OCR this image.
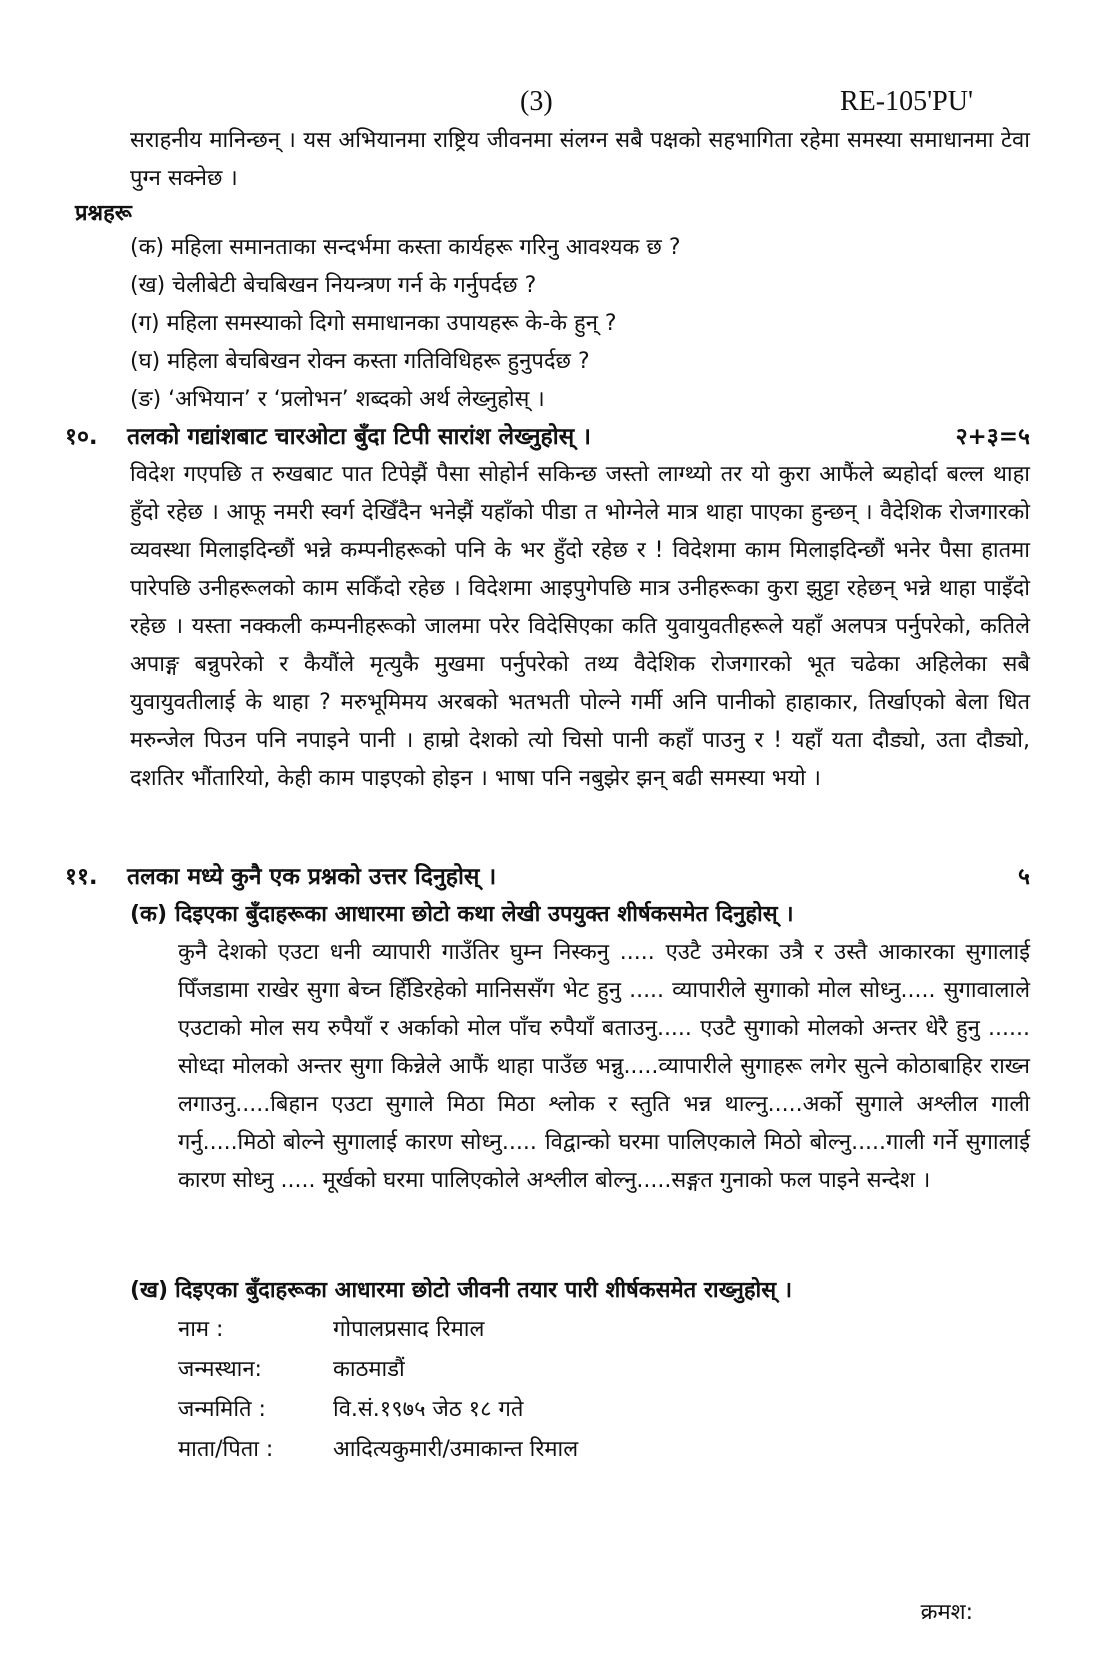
(3)	RE-105'PU'
सराहनीय मानिन्छन् । यस अभियानमा राष्ट्रिय जीवनमा संलग्न सबै पक्षको सहभागिता रहेमा समस्या समाधानमा टेवा पुग्न सक्नेछ ।
प्रश्नहरू
(क) महिला समानताका सन्दर्भमा कस्ता कार्यहरू गरिनु आवश्यक छ ?
(ख) चेलीबेटी बेचबिखन नियन्त्रण गर्न के गर्नुपर्दछ ?
(ग) महिला समस्याको दिगो समाधानका उपायहरू के-के हुन् ?
(घ) महिला बेचबिखन रोक्न कस्ता गतिविधिहरू हुनुपर्दछ ?
(ङ) ‘अभियान’ र ‘प्रलोभन’ शब्दको अर्थ लेख्नुहोस् ।
१०. तलको गद्यांशबाट चारओटा बुँदा टिपी सारांश लेख्नुहोस् ।	२+३=५
विदेश गएपछि त रुखबाट पात टिपेझैं पैसा सोहोर्न सकिन्छ जस्तो लाग्थ्यो तर यो कुरा आफैंले ब्यहोर्दा बल्ल थाहा हुँदो रहेछ । आफू नमरी स्वर्ग देखिँदैन भनेझैं यहाँको पीडा त भोग्नेले मात्र थाहा पाएका हुन्छन् । वैदेशिक रोजगारको व्यवस्था मिलाइदिन्छौं भन्ने कम्पनीहरूको पनि के भर हुँदो रहेछ र ! विदेशमा काम मिलाइदिन्छौं भनेर पैसा हातमा पारेपछि उनीहरूलको काम सकिँदो रहेछ । विदेशमा आइपुगेपछि मात्र उनीहरूका कुरा झुट्टा रहेछन् भन्ने थाहा पाइँदो रहेछ । यस्ता नक्कली कम्पनीहरूको जालमा परेर विदेसिएका कति युवायुवतीहरूले यहाँ अलपत्र पर्नुपरेको, कतिले अपाङ्ग बन्नुपरेको र कैयौंले मृत्युकै मुखमा पर्नुपरेको तथ्य वैदेशिक रोजगारको भूत चढेका अहिलेका सबै युवायुवतीलाई के थाहा ? मरुभूमिमय अरबको भतभती पोल्ने गर्मी अनि पानीको हाहाकार, तिर्खाएको बेला धित मरुन्जेल पिउन पनि नपाइने पानी । हाम्रो देशको त्यो चिसो पानी कहाँ पाउनु र ! यहाँ यता दौड्यो, उता दौड्यो, दशतिर भौंतारियो, केही काम पाइएको होइन । भाषा पनि नबुझेर झन् बढी समस्या भयो ।
११. तलका मध्ये कुनै एक प्रश्नको उत्तर दिनुहोस् ।	५
(क) दिइएका बुँदाहरूका आधारमा छोटो कथा लेखी उपयुक्त शीर्षकसमेत दिनुहोस् ।
कुनै देशको एउटा धनी व्यापारी गाउँतिर घुम्न निस्कनु ..... एउटै उमेरका उत्रै र उस्तै आकारका सुगालाई पिँजडामा राखेर सुगा बेच्न हिँडिरहेको मानिससँग भेट हुनु ..... व्यापारीले सुगाको मोल सोध्नु..... सुगावालाले एउटाको मोल सय रुपैयाँ र अर्काको मोल पाँच रुपैयाँ बताउनु..... एउटै सुगाको मोलको अन्तर धेरै हुनु ...... सोध्दा मोलको अन्तर सुगा किन्नेले आफैं थाहा पाउँछ भन्नु.....व्यापारीले सुगाहरू लगेर सुत्ने कोठाबाहिर राख्न लगाउनु.....बिहान एउटा सुगाले मिठा मिठा श्लोक र स्तुति भन्न थाल्नु.....अर्को सुगाले अश्लील गाली गर्नु.....मिठो बोल्ने सुगालाई कारण सोध्नु..... विद्वान्को घरमा पालिएकाले मिठो बोल्नु.....गाली गर्ने सुगालाई कारण सोध्नु ..... मूर्खको घरमा पालिएकोले अश्लील बोल्नु.....सङ्गत गुनाको फल पाइने सन्देश ।
(ख) दिइएका बुँदाहरूका आधारमा छोटो जीवनी तयार पारी शीर्षकसमेत राख्नुहोस् ।
नाम :	गोपालप्रसाद रिमाल
जन्मस्थान:	काठमाडौं
जन्ममिति :	वि.सं.१९७५ जेठ १८ गते
माता/पिता :	आदित्यकुमारी/उमाकान्त रिमाल
क्रमश:
